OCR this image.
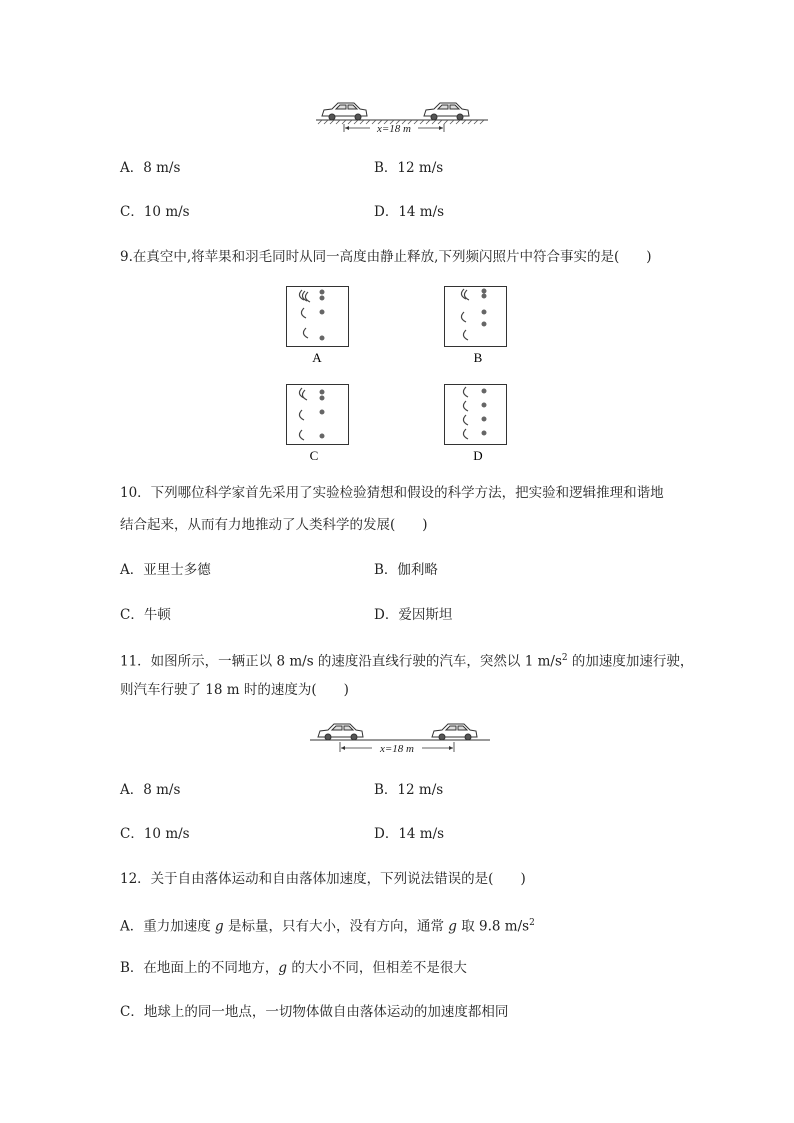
x=18 m
A．8 m/s	B．12 m/s
C．10 m/s	D．14 m/s
9.在真空中,将苹果和羽毛同时从同一高度由静止释放,下列频闪照片中符合事实的是(　　)
A	B
C	D
10．下列哪位科学家首先采用了实验检验猜想和假设的科学方法，把实验和逻辑推理和谐地
结合起来，从而有力地推动了人类科学的发展(　　)
A．亚里士多德	B．伽利略
C．牛顿	D．爱因斯坦
11．如图所示，一辆正以 8 m/s 的速度沿直线行驶的汽车，突然以 1 $m/s^2$ 的加速度加速行驶，
则汽车行驶了 18 m 时的速度为(　　)
x=18 m
A．8 m/s	B．12 m/s
C．10 m/s	D．14 m/s
12．关于自由落体运动和自由落体加速度，下列说法错误的是(　　)
A．重力加速度 g 是标量，只有大小，没有方向，通常 g 取 9.8 $m/s^2$
B．在地面上的不同地方，g 的大小不同，但相差不是很大
C．地球上的同一地点，一切物体做自由落体运动的加速度都相同
